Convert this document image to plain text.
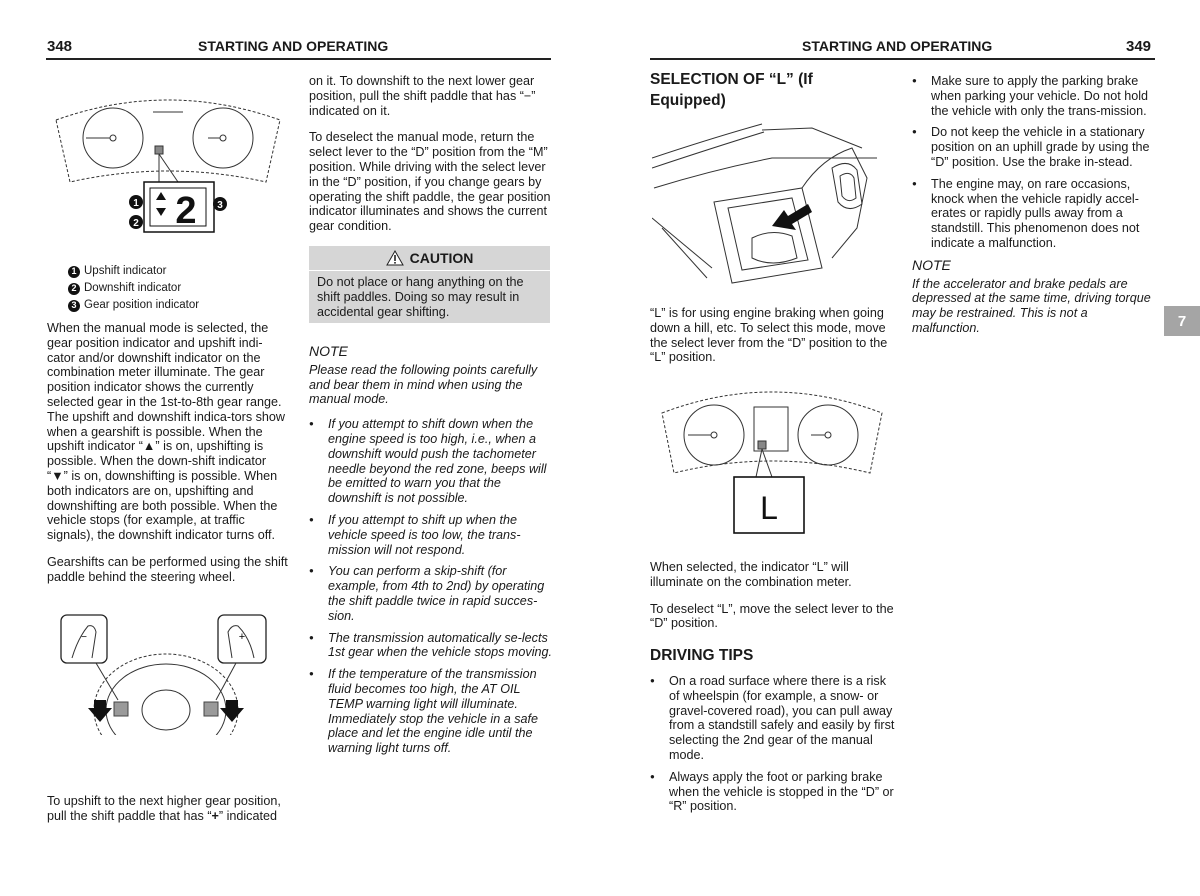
348	STARTING AND OPERATING
2
1
2
3
1 Upshift indicator
2 Downshift indicator
3 Gear position indicator

When the manual mode is selected, the gear position indicator and upshift indi-cator and/or downshift indicator on the combination meter illuminate. The gear position indicator shows the currently selected gear in the 1st-to-8th gear range. The upshift and downshift indica-tors show when a gearshift is possible. When the upshift indicator “▲” is on, upshifting is possible. When the down-shift indicator “▼” is on, downshifting is possible. When both indicators are on, upshifting and downshifting are both possible. When the vehicle stops (for example, at traffic signals), the downshift indicator turns off.

Gearshifts can be performed using the shift paddle behind the steering wheel.

−	+

To upshift to the next higher gear position, pull the shift paddle that has “+” indicated

on it. To downshift to the next lower gear position, pull the shift paddle that has “−” indicated on it.

To deselect the manual mode, return the select lever to the “D” position from the “M” position. While driving with the select lever in the “D” position, if you change gears by operating the shift paddle, the gear position indicator illuminates and shows the current gear condition.

CAUTION
Do not place or hang anything on the shift paddles. Doing so may result in accidental gear shifting.
NOTE

Please read the following points carefully and bear them in mind when using the manual mode.

● If you attempt to shift down when the engine speed is too high, i.e., when a downshift would push the tachometer needle beyond the red zone, beeps will be emitted to warn you that the downshift is not possible.
● If you attempt to shift up when the vehicle speed is too low, the trans-mission will not respond.
● You can perform a skip-shift (for example, from 4th to 2nd) by operating the shift paddle twice in rapid succes-sion.
● The transmission automatically se-lects 1st gear when the vehicle stops moving.
● If the temperature of the transmission fluid becomes too high, the AT OIL TEMP warning light will illuminate. Immediately stop the vehicle in a safe place and let the engine idle until the warning light turns off.
STARTING AND OPERATING	349
SELECTION OF “L” (If Equipped)

“L” is for using engine braking when going down a hill, etc. To select this mode, move the select lever from the “D” position to the “L” position.

L

When selected, the indicator “L” will illuminate on the combination meter.

To deselect “L”, move the select lever to the “D” position.

DRIVING TIPS
● On a road surface where there is a risk of wheelspin (for example, a snow- or gravel-covered road), you can pull away from a standstill safely and easily by first selecting the 2nd gear of the manual mode.
● Always apply the foot or parking brake when the vehicle is stopped in the “D” or “R” position.
● Make sure to apply the parking brake when parking your vehicle. Do not hold the vehicle with only the trans-mission.
● Do not keep the vehicle in a stationary position on an uphill grade by using the “D” position. Use the brake in-stead.
● The engine may, on rare occasions, knock when the vehicle rapidly accel-erates or rapidly pulls away from a standstill. This phenomenon does not indicate a malfunction.
NOTE

If the accelerator and brake pedals are depressed at the same time, driving torque may be restrained. This is not a malfunction.	7
